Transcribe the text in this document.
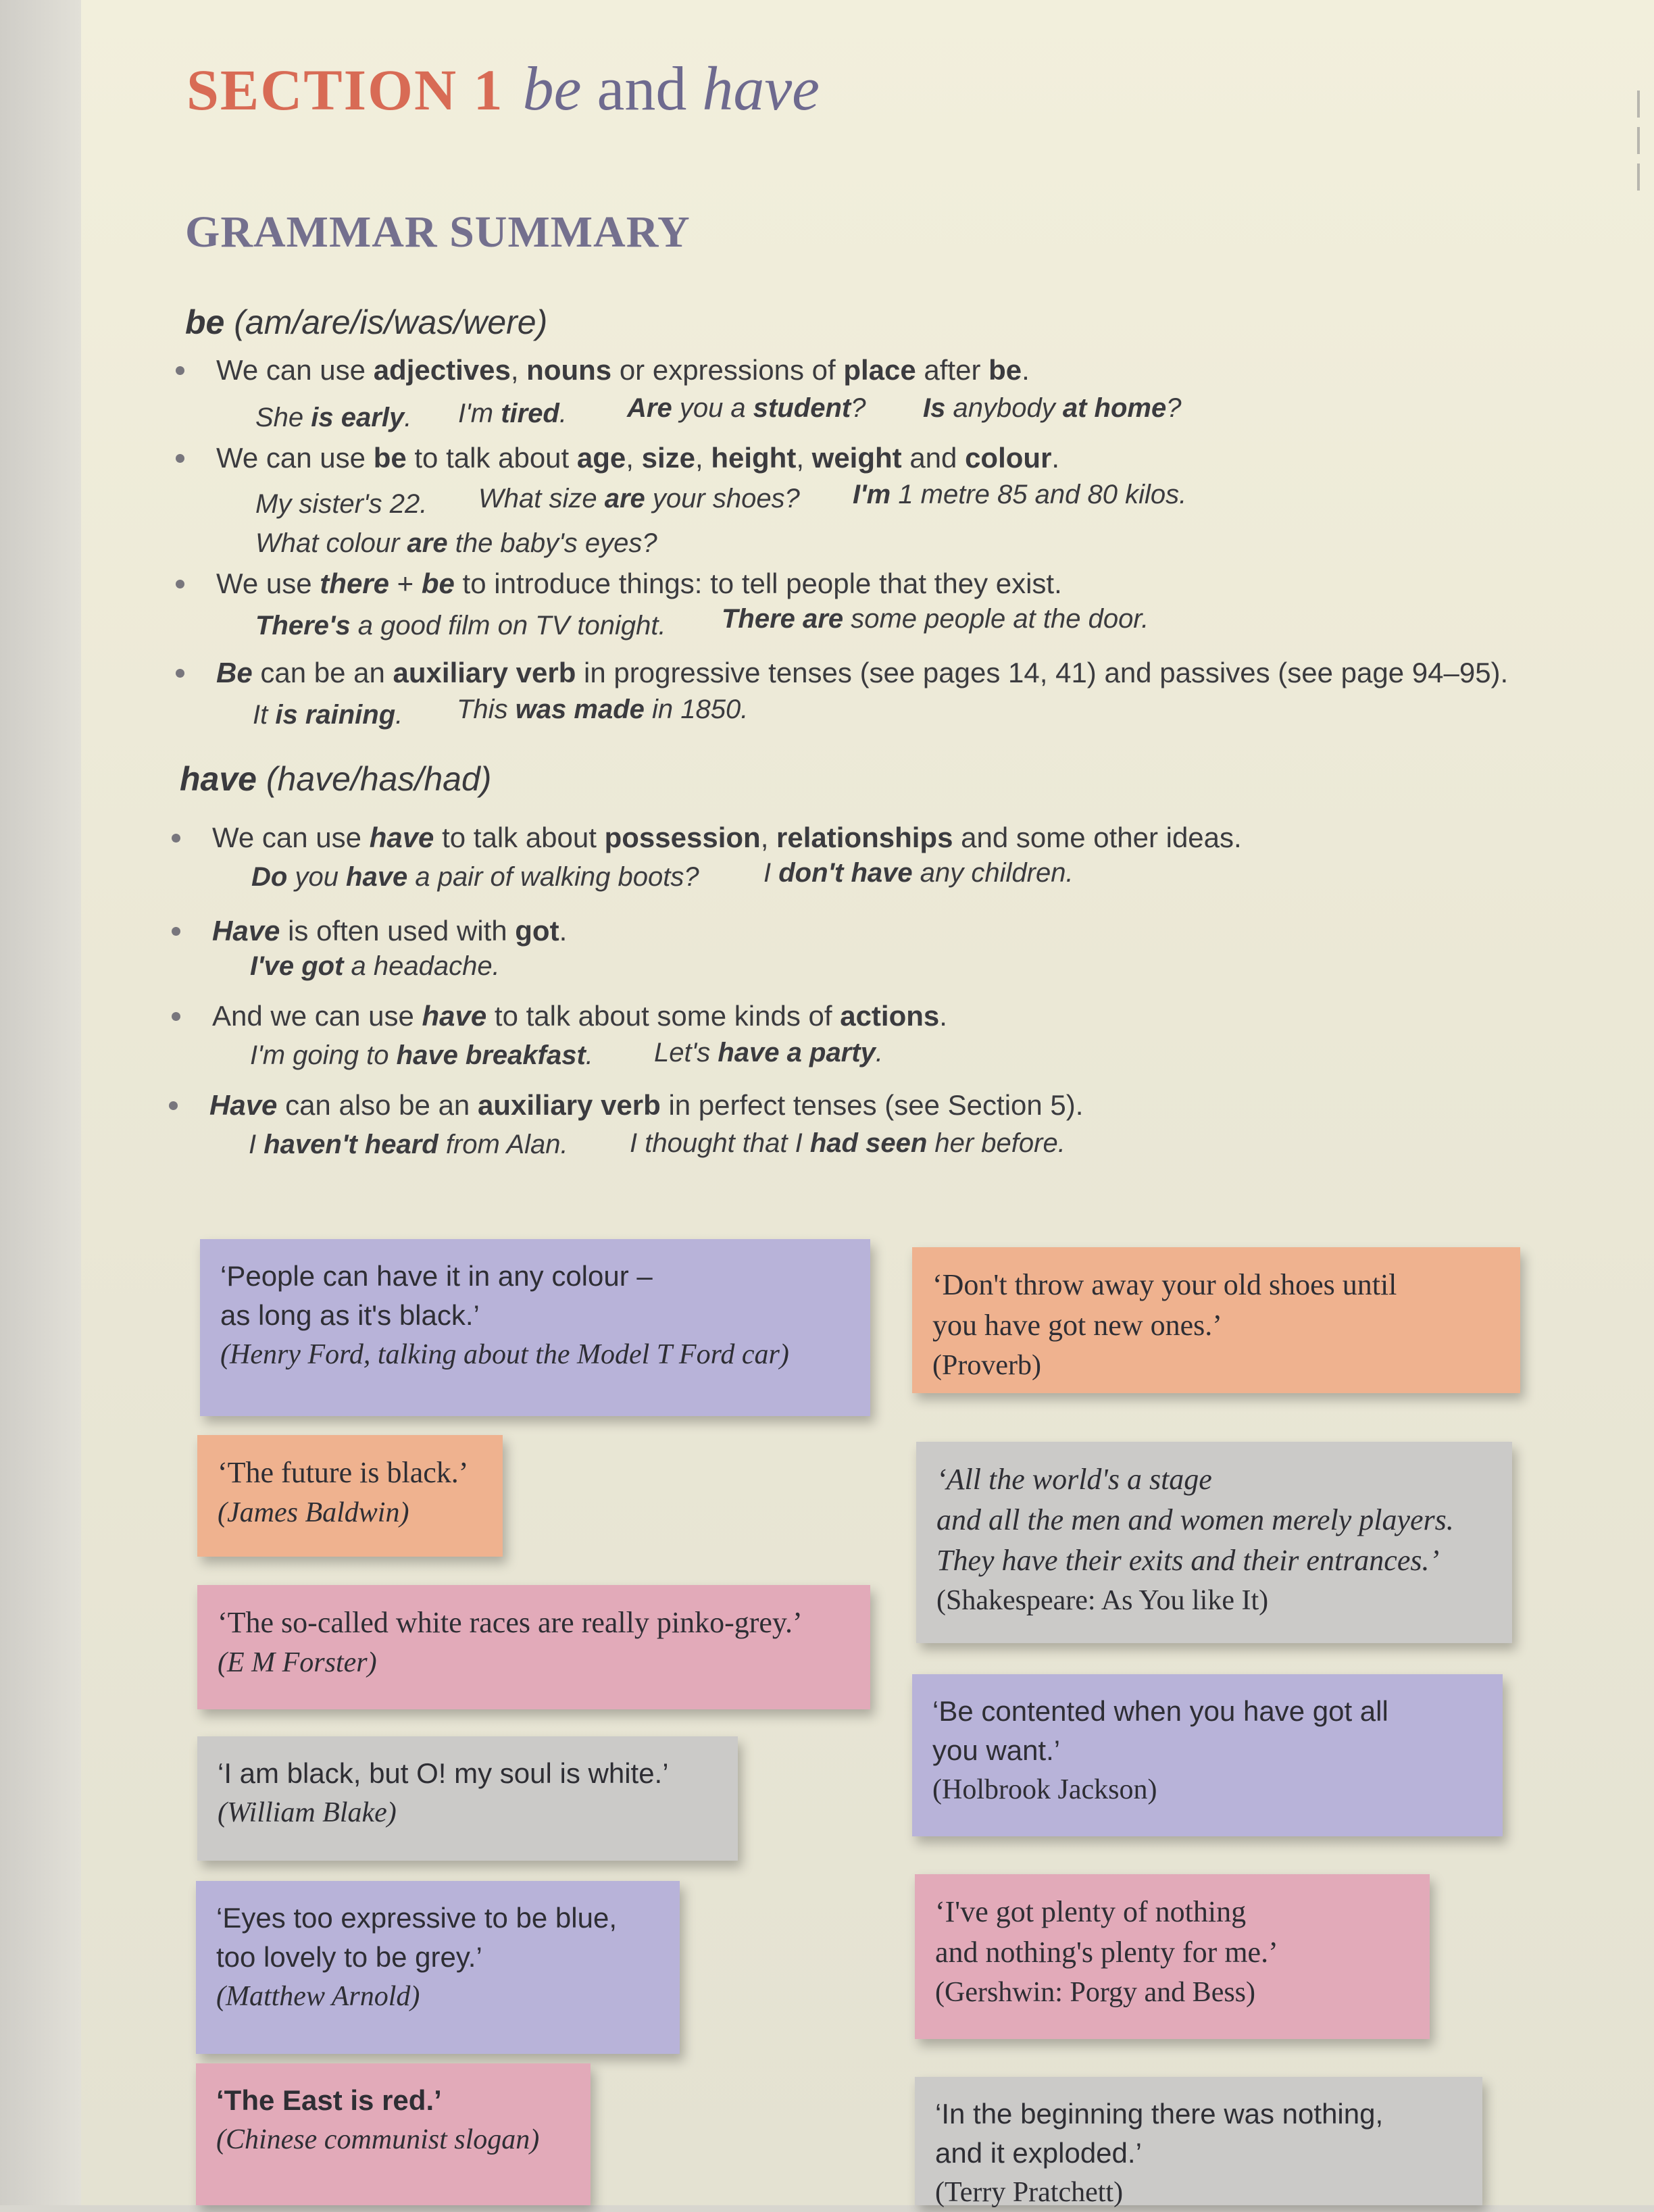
SECTION 1 be and have
GRAMMAR SUMMARY
be (am/are/is/was/were)
We can use adjectives, nouns or expressions of place after be.
She is early. I'm tired. Are you a student? Is anybody at home?
We can use be to talk about age, size, height, weight and colour.
My sister's 22. What size are your shoes? I'm 1 metre 85 and 80 kilos.
What colour are the baby's eyes?
We use there + be to introduce things: to tell people that they exist.
There's a good film on TV tonight. There are some people at the door.
Be can be an auxiliary verb in progressive tenses (see pages 14, 41) and passives (see page 94–95).
It is raining. This was made in 1850.
have (have/has/had)
We can use have to talk about possession, relationships and some other ideas.
Do you have a pair of walking boots? I don't have any children.
Have is often used with got.
I've got a headache.
And we can use have to talk about some kinds of actions.
I'm going to have breakfast. Let's have a party.
Have can also be an auxiliary verb in perfect tenses (see Section 5).
I haven't heard from Alan. I thought that I had seen her before.
‘People can have it in any colour –
as long as it's black.’
(Henry Ford, talking about the Model T Ford car)
‘The future is black.’
(James Baldwin)
‘The so-called white races are really pinko-grey.’
(E M Forster)
‘I am black, but O! my soul is white.’
(William Blake)
‘Eyes too expressive to be blue,
too lovely to be grey.’
(Matthew Arnold)
‘The East is red.’
(Chinese communist slogan)
‘Don't throw away your old shoes until
you have got new ones.’
(Proverb)
‘All the world's a stage
and all the men and women merely players.
They have their exits and their entrances.’
(Shakespeare: As You like It)
‘Be contented when you have got all
you want.’
(Holbrook Jackson)
‘I've got plenty of nothing
and nothing's plenty for me.’
(Gershwin: Porgy and Bess)
‘In the beginning there was nothing,
and it exploded.’
(Terry Pratchett)
